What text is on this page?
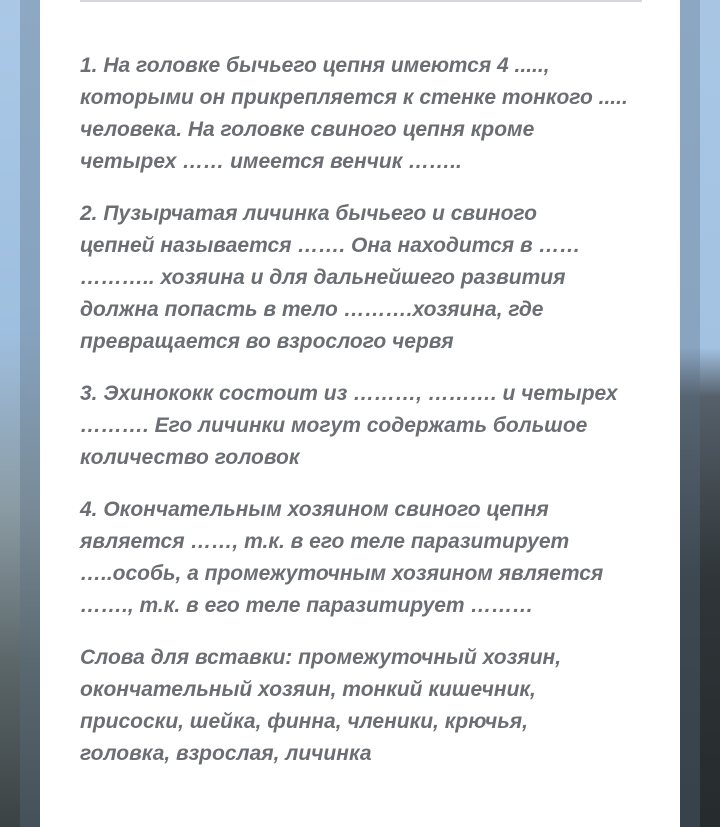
1. На головке бычьего цепня имеются 4 .....,
которыми он прикрепляется к стенке тонкого .....
человека. На головке свиного цепня кроме
четырех …… имеется венчик ……..

2. Пузырчатая личинка бычьего и свиного
цепней называется ……. Она находится в ……
……….. хозяина и для дальнейшего развития
должна попасть в тело ……….хозяина, где
превращается во взрослого червя

3. Эхинококк состоит из ………, ………. и четырех
………. Его личинки могут содержать большое
количество головок

4. Окончательным хозяином свиного цепня
является ……, т.к. в его теле паразитирует
…..особь, а промежуточным хозяином является
……., т.к. в его теле паразитирует ………

Слова для вставки: промежуточный хозяин,
окончательный хозяин, тонкий кишечник,
присоски, шейка, финна, членики, крючья,
головка, взрослая, личинка
